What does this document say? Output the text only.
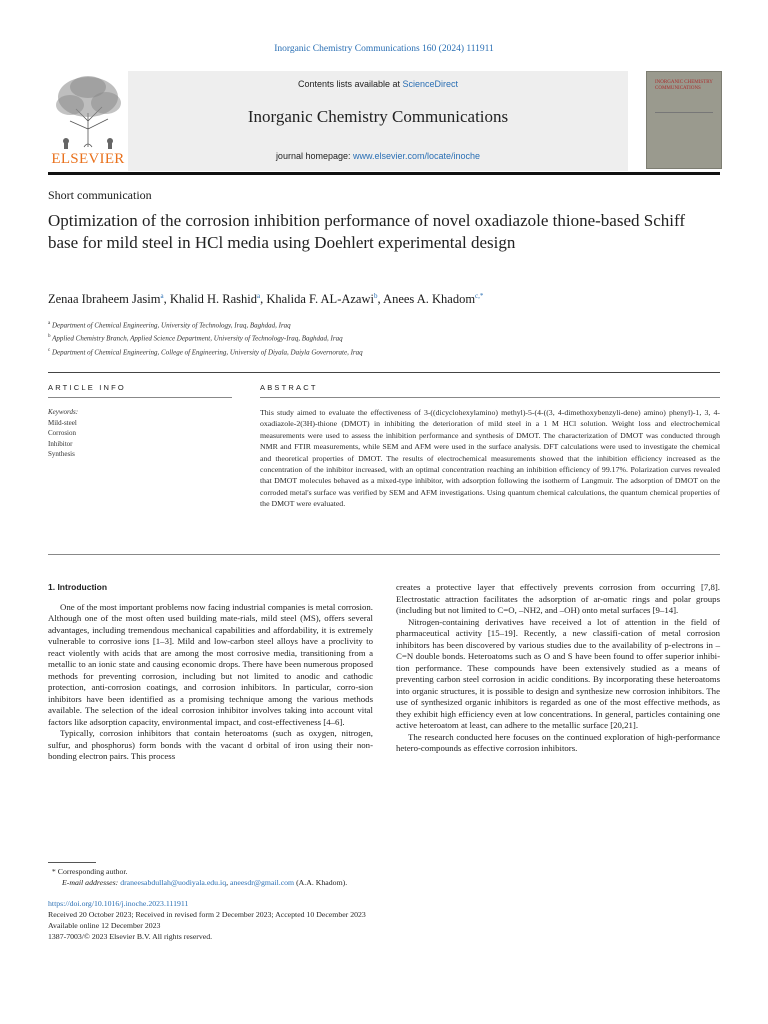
Inorganic Chemistry Communications 160 (2024) 111911
ELSEVIER
Contents lists available at ScienceDirect
Inorganic Chemistry Communications
journal homepage: www.elsevier.com/locate/inoche
INORGANIC CHEMISTRY COMMUNICATIONS
Short communication
Optimization of the corrosion inhibition performance of novel oxadiazole thione-based Schiff base for mild steel in HCl media using Doehlert experimental design
Zenaa Ibraheem Jasim$^a$, Khalid H. Rashid$^a$, Khalida F. AL-Azawi$^b$, Anees A. Khadom$^{c,*}$
$^a$ Department of Chemical Engineering, University of Technology, Iraq, Baghdad, Iraq
$^b$ Applied Chemistry Branch, Applied Science Department, University of Technology-Iraq, Baghdad, Iraq
$^c$ Department of Chemical Engineering, College of Engineering, University of Diyala, Daiyla Governorate, Iraq
ARTICLE INFO	ABSTRACT
Keywords:
Mild-steel
Corrosion
Inhibitor
Synthesis
This study aimed to evaluate the effectiveness of 3-((dicyclohexylamino) methyl)-5-(4-((3, 4-dimethoxybenzyli-dene) amino) phenyl)-1, 3, 4-oxadiazole-2(3H)-thione (DMOT) in inhibiting the deterioration of mild steel in a 1 M HCl solution. Weight loss and electrochemical measurements were used to assess the inhibition performance and synthesis of DMOT. The characterization of DMOT was conducted through NMR and FTIR measurements, while SEM and AFM were used in the surface analysis. DFT calculations were used to investigate the chemical and theoretical properties of DMOT. The results of electrochemical measurements showed that the inhibition efficiency increased as the concentration of the inhibitor increased, with an optimal concentration reaching an inhibition efficiency of 99.17%. Polarization curves revealed that DMOT molecules behaved as a mixed-type inhibitor, with adsorption following the isotherm of Langmuir. The adsorption of DMOT on the corroded metal's surface was verified by SEM and AFM investigations. Using quantum chemical calculations, the quantum chemical properties of the DMOT were evaluated.
1. Introduction

One of the most important problems now facing industrial companies is metal corrosion. Although one of the most often used building mate-rials, mild steel (MS), offers several advantages, including tremendous mechanical capabilities and affordability, it is extremely vulnerable to corrosive ions [1–3]. Mild and low-carbon steel alloys have a proclivity to react violently with acids that are among the most corrosive media, transitioning from a metallic to an ionic state and causing economic drops. There have been numerous proposed methods for preventing corrosion, including but not limited to anodic and cathodic protection, anti-corrosion coatings, and corrosion inhibitors. In particular, corro-sion inhibitors have been identified as a promising technique among the various methods available. The selection of the ideal corrosion inhibitor involves taking into account vital factors like adsorption capacity, environmental impact, and cost-effectiveness [4–6].

Typically, corrosion inhibitors that contain heteroatoms (such as oxygen, nitrogen, sulfur, and phosphorus) form bonds with the vacant d orbital of iron using their non-bonding electron pairs. This process

creates a protective layer that effectively prevents corrosion from occurring [7,8]. Electrostatic attraction facilitates the adsorption of ar-omatic rings and polar groups (including but not limited to C=O, –NH2, and –OH) onto metal surfaces [9–14].

Nitrogen-containing derivatives have received a lot of attention in the field of pharmaceutical activity [15–19]. Recently, a new classifi-cation of metal corrosion inhibitors has been discovered by various studies due to the availability of p-electrons in –C=N double bonds. Heteroatoms such as O and S have been found to offer superior inhibi-tion performance. These compounds have been extensively studied as a means of preventing carbon steel corrosion in acidic conditions. By incorporating these heteroatoms into organic structures, it is possible to design and synthesize new corrosion inhibitors. The use of synthesized organic inhibitors is regarded as one of the most effective methods, as they exhibit high efficiency even at low concentrations. In general, particles containing one active heteroatom at least, can adhere to the metallic surface [20,21].

The research conducted here focuses on the continued exploration of high-performance hetero-compounds as effective corrosion inhibitors.

* Corresponding author.
E-mail addresses: draneesabdullah@uodiyala.edu.iq, aneesdr@gmail.com (A.A. Khadom).
https://doi.org/10.1016/j.inoche.2023.111911
Received 20 October 2023; Received in revised form 2 December 2023; Accepted 10 December 2023
Available online 12 December 2023
1387-7003/© 2023 Elsevier B.V. All rights reserved.
